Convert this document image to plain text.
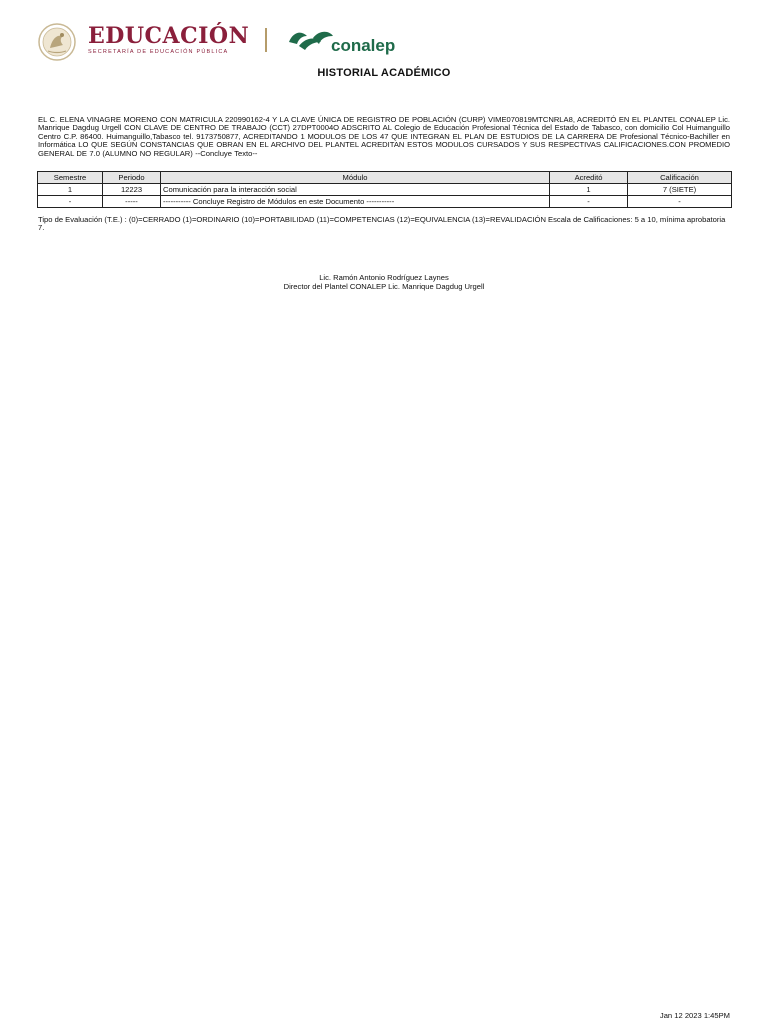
EDUCACIÓN
SECRETARÍA DE EDUCACIÓN PÚBLICA	conalep
HISTORIAL ACADÉMICO
EL C. ELENA VINAGRE MORENO CON MATRICULA 220990162-4 Y LA CLAVE ÚNICA DE REGISTRO DE POBLACIÓN (CURP) VIME070819MTCNRLA8, ACREDITÓ EN EL PLANTEL CONALEP Lic. Manrique Dagdug Urgell CON CLAVE DE CENTRO DE TRABAJO (CCT) 27DPT0004O ADSCRITO AL Colegio de Educación Profesional Técnica del Estado de Tabasco, con domicilio Col Huimanguillo Centro C.P. 86400. Huimanguillo,Tabasco tel. 9173750877, ACREDITANDO 1 MODULOS DE LOS 47 QUE INTEGRAN EL PLAN DE ESTUDIOS DE LA CARRERA DE Profesional Técnico-Bachiller en Informática LO QUE SEGÚN CONSTANCIAS QUE OBRAN EN EL ARCHIVO DEL PLANTEL ACREDITAN ESTOS MODULOS CURSADOS Y SUS RESPECTIVAS CALIFICACIONES.CON PROMEDIO GENERAL DE 7.0 (ALUMNO NO REGULAR) --Concluye Texto--
Semestre	Periodo	Módulo	Acreditó	Calificación
1	12223	Comunicación para la interacción social	1	7 (SIETE)
-	-----	----------- Concluye Registro de Módulos en este Documento -----------	-	-
Tipo de Evaluación (T.E.) : (0)=CERRADO (1)=ORDINARIO (10)=PORTABILIDAD (11)=COMPETENCIAS (12)=EQUIVALENCIA (13)=REVALIDACIÓN Escala de Calificaciones: 5 a 10, mínima aprobatoria 7.
Lic. Ramón Antonio Rodríguez Laynes
Director del Plantel CONALEP Lic. Manrique Dagdug Urgell
Jan 12 2023 1:45PM
